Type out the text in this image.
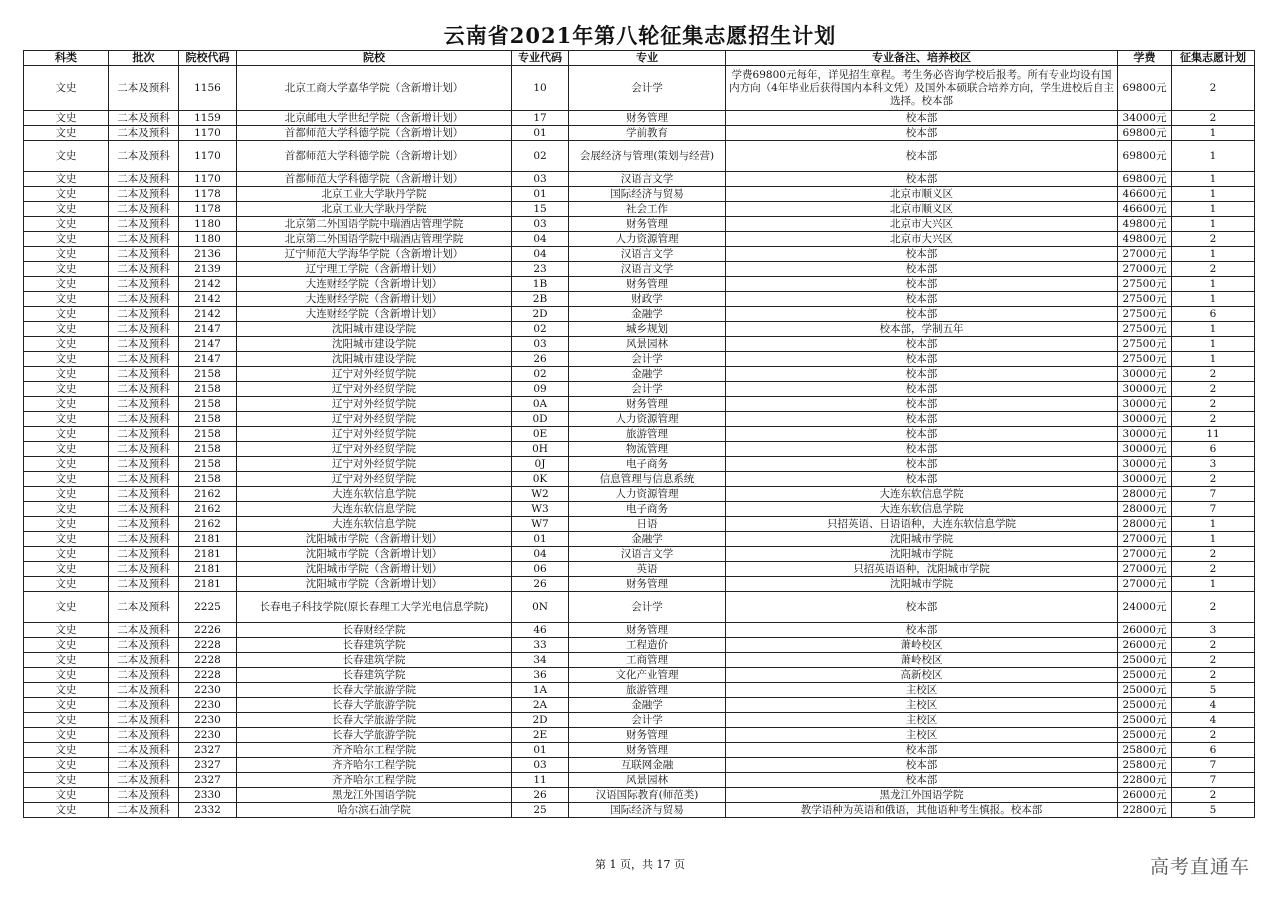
云南省2021年第八轮征集志愿招生计划
科类	批次	院校代码	院校	专业代码	专业	专业备注、培养校区	学费	征集志愿计划
文史	二本及预科	1156	北京工商大学嘉华学院（含新增计划）	10	会计学	学费69800元每年，详见招生章程。考生务必咨询学校后报考。所有专业均设有国内方向（4年毕业后获得国内本科文凭）及国外本硕联合培养方向，学生进校后自主选择。校本部	69800元	2
文史	二本及预科	1159	北京邮电大学世纪学院（含新增计划）	17	财务管理	校本部	34000元	2
文史	二本及预科	1170	首都师范大学科德学院（含新增计划）	01	学前教育	校本部	69800元	1
文史	二本及预科	1170	首都师范大学科德学院（含新增计划）	02	会展经济与管理(策划与经营)	校本部	69800元	1
文史	二本及预科	1170	首都师范大学科德学院（含新增计划）	03	汉语言文学	校本部	69800元	1
文史	二本及预科	1178	北京工业大学耿丹学院	01	国际经济与贸易	北京市顺义区	46600元	1
文史	二本及预科	1178	北京工业大学耿丹学院	15	社会工作	北京市顺义区	46600元	1
文史	二本及预科	1180	北京第二外国语学院中瑞酒店管理学院	03	财务管理	北京市大兴区	49800元	1
文史	二本及预科	1180	北京第二外国语学院中瑞酒店管理学院	04	人力资源管理	北京市大兴区	49800元	2
文史	二本及预科	2136	辽宁师范大学海华学院（含新增计划）	04	汉语言文学	校本部	27000元	1
文史	二本及预科	2139	辽宁理工学院（含新增计划）	23	汉语言文学	校本部	27000元	2
文史	二本及预科	2142	大连财经学院（含新增计划）	1B	财务管理	校本部	27500元	1
文史	二本及预科	2142	大连财经学院（含新增计划）	2B	财政学	校本部	27500元	1
文史	二本及预科	2142	大连财经学院（含新增计划）	2D	金融学	校本部	27500元	6
文史	二本及预科	2147	沈阳城市建设学院	02	城乡规划	校本部，学制五年	27500元	1
文史	二本及预科	2147	沈阳城市建设学院	03	风景园林	校本部	27500元	1
文史	二本及预科	2147	沈阳城市建设学院	26	会计学	校本部	27500元	1
文史	二本及预科	2158	辽宁对外经贸学院	02	金融学	校本部	30000元	2
文史	二本及预科	2158	辽宁对外经贸学院	09	会计学	校本部	30000元	2
文史	二本及预科	2158	辽宁对外经贸学院	0A	财务管理	校本部	30000元	2
文史	二本及预科	2158	辽宁对外经贸学院	0D	人力资源管理	校本部	30000元	2
文史	二本及预科	2158	辽宁对外经贸学院	0E	旅游管理	校本部	30000元	11
文史	二本及预科	2158	辽宁对外经贸学院	0H	物流管理	校本部	30000元	6
文史	二本及预科	2158	辽宁对外经贸学院	0J	电子商务	校本部	30000元	3
文史	二本及预科	2158	辽宁对外经贸学院	0K	信息管理与信息系统	校本部	30000元	2
文史	二本及预科	2162	大连东软信息学院	W2	人力资源管理	大连东软信息学院	28000元	7
文史	二本及预科	2162	大连东软信息学院	W3	电子商务	大连东软信息学院	28000元	7
文史	二本及预科	2162	大连东软信息学院	W7	日语	只招英语、日语语种，大连东软信息学院	28000元	1
文史	二本及预科	2181	沈阳城市学院（含新增计划）	01	金融学	沈阳城市学院	27000元	1
文史	二本及预科	2181	沈阳城市学院（含新增计划）	04	汉语言文学	沈阳城市学院	27000元	2
文史	二本及预科	2181	沈阳城市学院（含新增计划）	06	英语	只招英语语种，沈阳城市学院	27000元	2
文史	二本及预科	2181	沈阳城市学院（含新增计划）	26	财务管理	沈阳城市学院	27000元	1
文史	二本及预科	2225	长春电子科技学院(原长春理工大学光电信息学院)	0N	会计学	校本部	24000元	2
文史	二本及预科	2226	长春财经学院	46	财务管理	校本部	26000元	3
文史	二本及预科	2228	长春建筑学院	33	工程造价	萧岭校区	26000元	2
文史	二本及预科	2228	长春建筑学院	34	工商管理	萧岭校区	25000元	2
文史	二本及预科	2228	长春建筑学院	36	文化产业管理	高新校区	25000元	2
文史	二本及预科	2230	长春大学旅游学院	1A	旅游管理	主校区	25000元	5
文史	二本及预科	2230	长春大学旅游学院	2A	金融学	主校区	25000元	4
文史	二本及预科	2230	长春大学旅游学院	2D	会计学	主校区	25000元	4
文史	二本及预科	2230	长春大学旅游学院	2E	财务管理	主校区	25000元	2
文史	二本及预科	2327	齐齐哈尔工程学院	01	财务管理	校本部	25800元	6
文史	二本及预科	2327	齐齐哈尔工程学院	03	互联网金融	校本部	25800元	7
文史	二本及预科	2327	齐齐哈尔工程学院	11	风景园林	校本部	22800元	7
文史	二本及预科	2330	黑龙江外国语学院	26	汉语国际教育(师范类)	黑龙江外国语学院	26000元	2
文史	二本及预科	2332	哈尔滨石油学院	25	国际经济与贸易	教学语种为英语和俄语，其他语种考生慎报。校本部	22800元	5
第 1 页，共 17 页	高考直通车
